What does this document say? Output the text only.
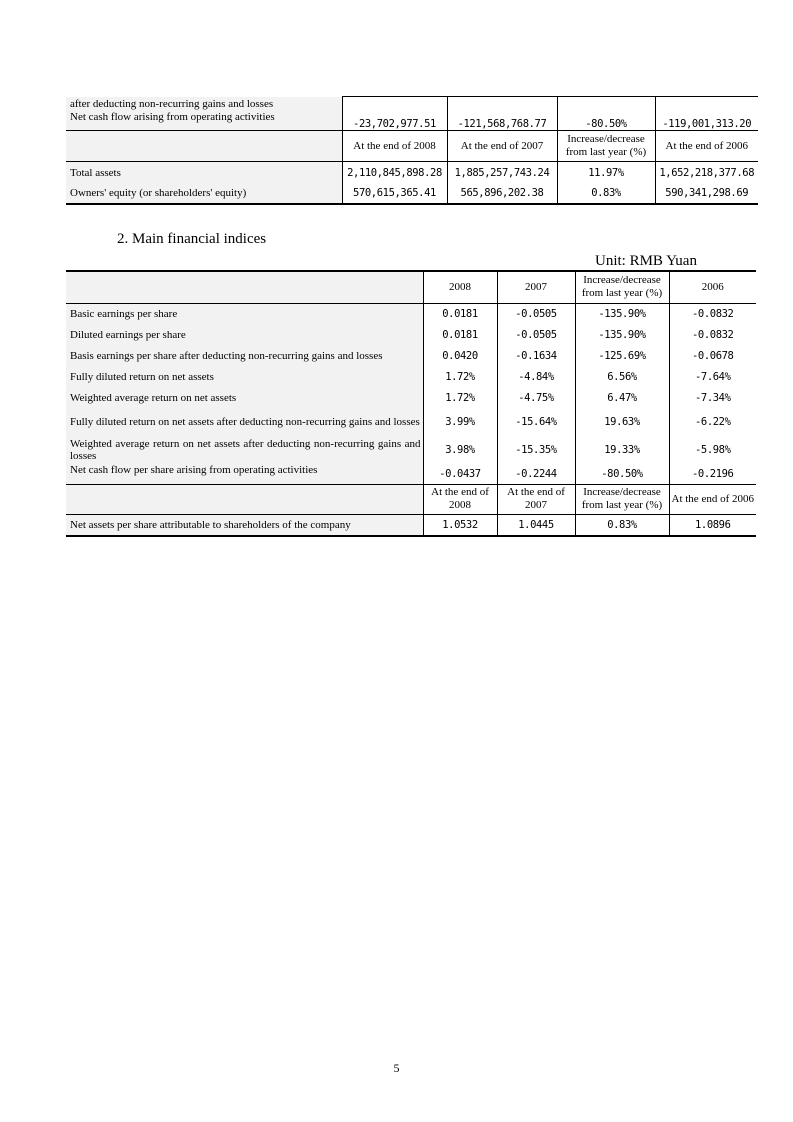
after deducting non-recurring gains and losses				
Net cash flow arising from operating activities	-23,702,977.51	-121,568,768.77	-80.50%	-119,001,313.20
	At the end of 2008	At the end of 2007	Increase/decrease from last year (%)	At the end of 2006
Total assets	2,110,845,898.28	1,885,257,743.24	11.97%	1,652,218,377.68
Owners' equity (or shareholders' equity)	570,615,365.41	565,896,202.38	0.83%	590,341,298.69
2. Main financial indices
Unit: RMB Yuan
	2008	2007	Increase/decrease from last year (%)	2006
Basic earnings per share	0.0181	-0.0505	-135.90%	-0.0832
Diluted earnings per share	0.0181	-0.0505	-135.90%	-0.0832
Basis earnings per share after deducting non-recurring gains and losses	0.0420	-0.1634	-125.69%	-0.0678
Fully diluted return on net assets	1.72%	-4.84%	6.56%	-7.64%
Weighted average return on net assets	1.72%	-4.75%	6.47%	-7.34%
Fully diluted return on net assets after deducting non-recurring gains and losses	3.99%	-15.64%	19.63%	-6.22%
Weighted average return on net assets after deducting non-recurring gains and losses	3.98%	-15.35%	19.33%	-5.98%
Net cash flow per share arising from operating activities	-0.0437	-0.2244	-80.50%	-0.2196
	At the end of 2008	At the end of 2007	Increase/decrease from last year (%)	At the end of 2006
Net assets per share attributable to shareholders of the company	1.0532	1.0445	0.83%	1.0896
5
